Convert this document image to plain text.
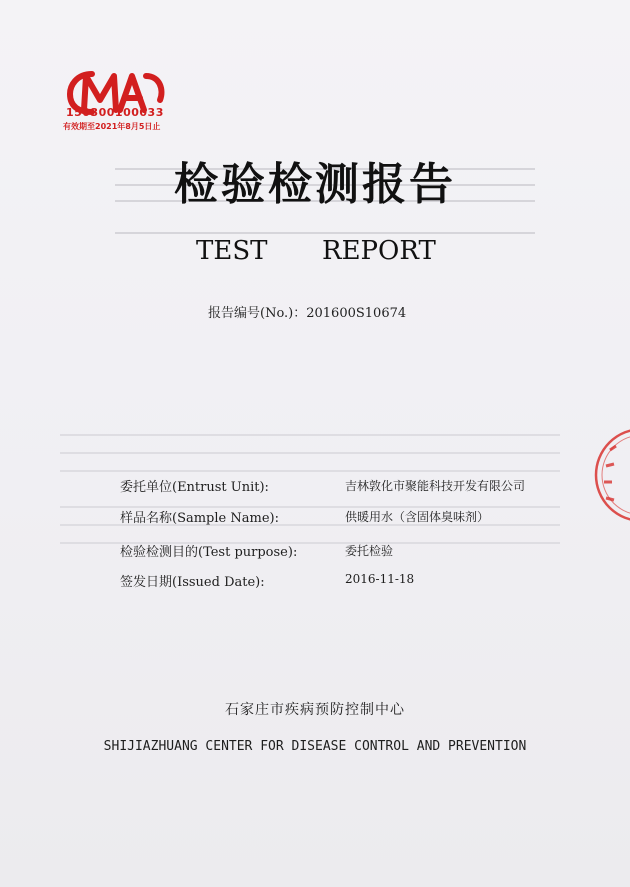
150300100033
有效期至2021年8月5日止
检验检测报告
TEST REPORT
报告编号(No.)：201600S10674
委托单位(Entrust Unit):	吉林敦化市聚能科技开发有限公司
样品名称(Sample Name):	供暖用水（含固体臭味剂）
检验检测目的(Test purpose):	委托检验
签发日期(Issued Date):	2016-11-18
石家庄市疾病预防控制中心
SHIJIAZHUANG CENTER FOR DISEASE CONTROL AND PREVENTION
